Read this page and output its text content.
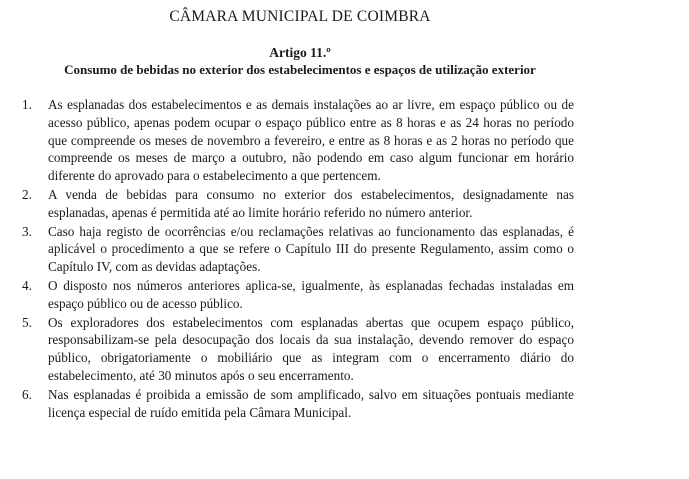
CÂMARA MUNICIPAL DE COIMBRA
Artigo 11.º
Consumo de bebidas no exterior dos estabelecimentos e espaços de utilização exterior
1.	As esplanadas dos estabelecimentos e as demais instalações ao ar livre, em espaço público ou de acesso público, apenas podem ocupar o espaço público entre as 8 horas e as 24 horas no período que compreende os meses de novembro a fevereiro, e entre as 8 horas e as 2 horas no período que compreende os meses de março a outubro, não podendo em caso algum funcionar em horário diferente do aprovado para o estabelecimento a que pertencem.
2.	A venda de bebidas para consumo no exterior dos estabelecimentos, designadamente nas esplanadas, apenas é permitida até ao limite horário referido no número anterior.
3.	Caso haja registo de ocorrências e/ou reclamações relativas ao funcionamento das esplanadas, é aplicável o procedimento a que se refere o Capítulo III do presente Regulamento, assim como o Capítulo IV, com as devidas adaptações.
4.	O disposto nos números anteriores aplica-se, igualmente, às esplanadas fechadas instaladas em espaço público ou de acesso público.
5.	Os exploradores dos estabelecimentos com esplanadas abertas que ocupem espaço público, responsabilizam-se pela desocupação dos locais da sua instalação, devendo remover do espaço público, obrigatoriamente o mobiliário que as integram com o encerramento diário do estabelecimento, até 30 minutos após o seu encerramento.
6.	Nas esplanadas é proibida a emissão de som amplificado, salvo em situações pontuais mediante licença especial de ruído emitida pela Câmara Municipal.
